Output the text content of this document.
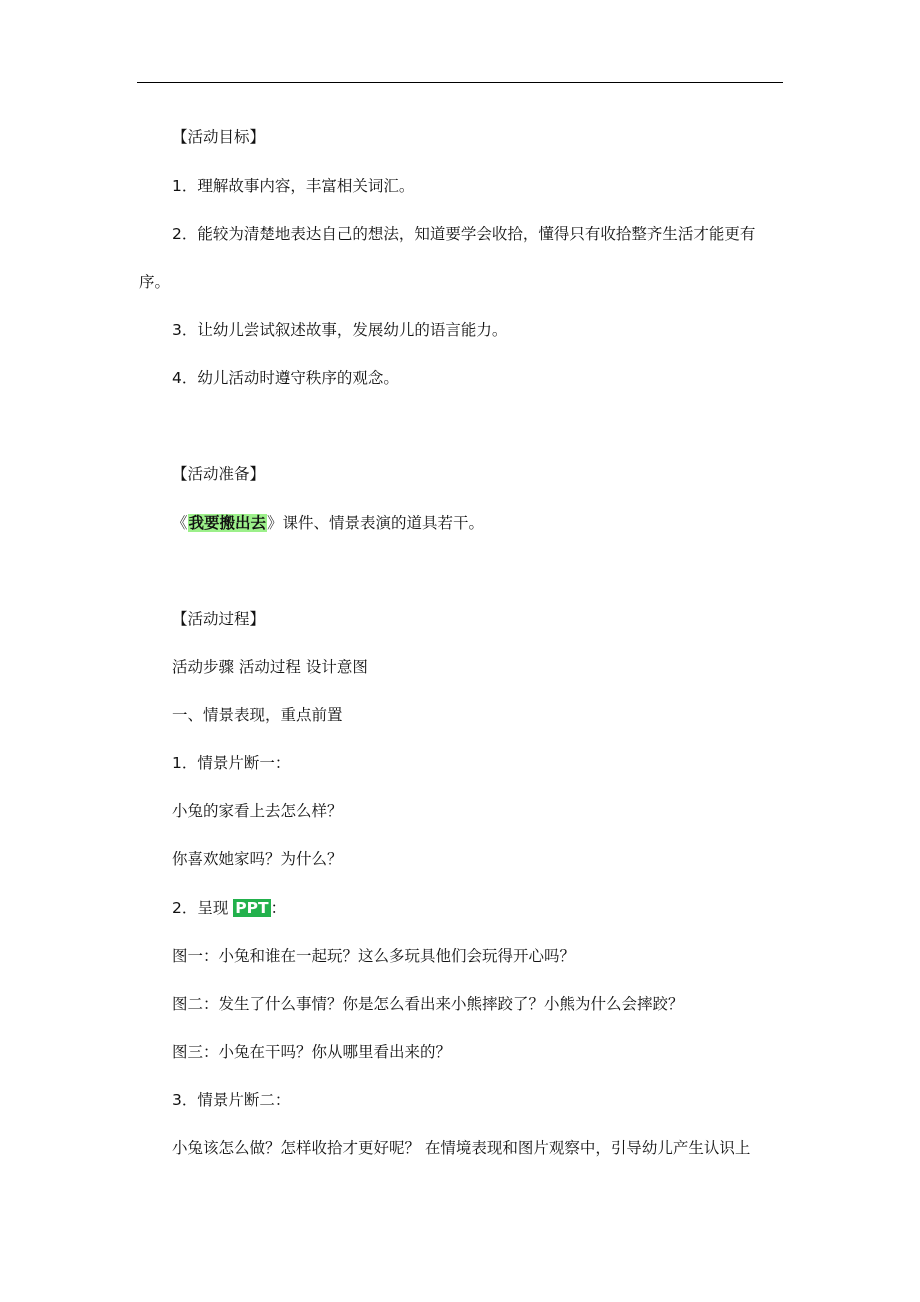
【活动目标】
1．理解故事内容，丰富相关词汇。
2．能较为清楚地表达自己的想法，知道要学会收拾，懂得只有收拾整齐生活才能更有
序。
3．让幼儿尝试叙述故事，发展幼儿的语言能力。
4．幼儿活动时遵守秩序的观念。
【活动准备】
《我要搬出去》课件、情景表演的道具若干。
【活动过程】
活动步骤 活动过程 设计意图
一、情景表现，重点前置
1．情景片断一：
小兔的家看上去怎么样？
你喜欢她家吗？为什么？
2．呈现 PPT ：
图一：小兔和谁在一起玩？这么多玩具他们会玩得开心吗？
图二：发生了什么事情？你是怎么看出来小熊摔跤了？小熊为什么会摔跤？
图三：小兔在干吗？你从哪里看出来的？
3．情景片断二：
小兔该怎么做？怎样收拾才更好呢？ 在情境表现和图片观察中，引导幼儿产生认识上
